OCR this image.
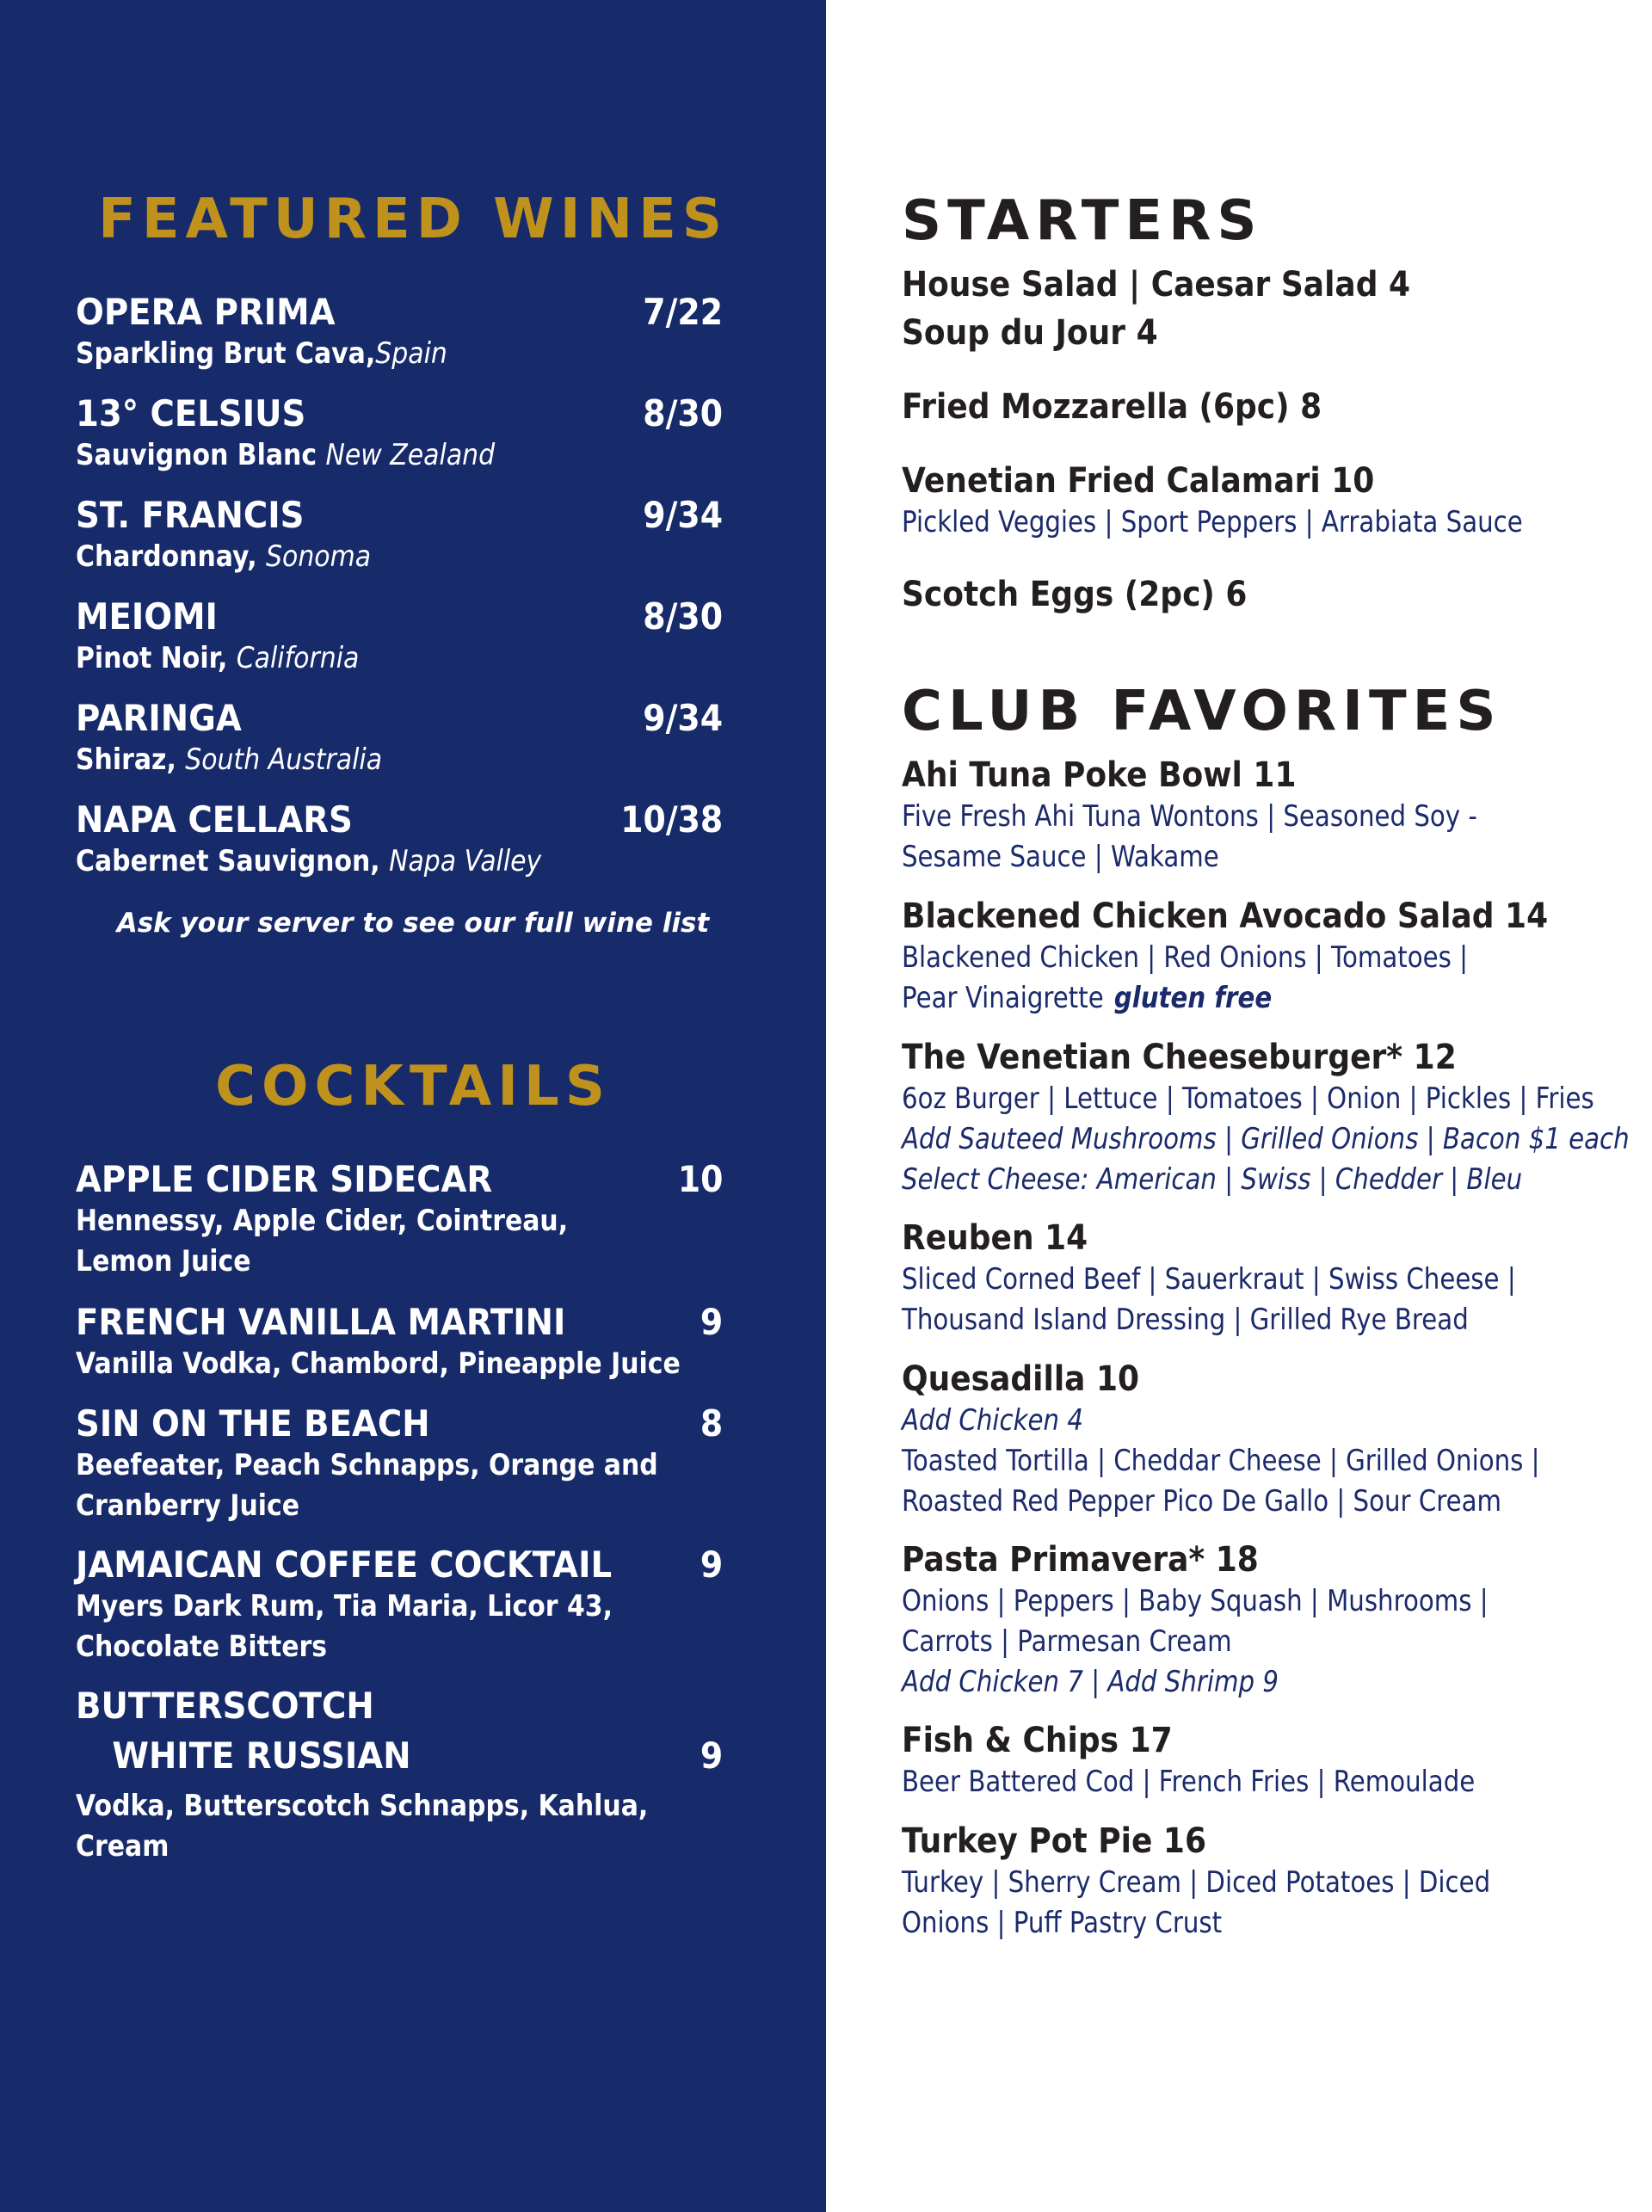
FEATURED WINES
OPERA PRIMA	7/22
Sparkling Brut Cava,Spain
13° CELSIUS	8/30
Sauvignon Blanc New Zealand
ST. FRANCIS	9/34
Chardonnay, Sonoma
MEIOMI	8/30
Pinot Noir, California
PARINGA	9/34
Shiraz, South Australia
NAPA CELLARS	10/38
Cabernet Sauvignon, Napa Valley
Ask your server to see our full wine list
COCKTAILS
APPLE CIDER SIDECAR	10
Hennessy, Apple Cider, Cointreau,
Lemon Juice
FRENCH VANILLA MARTINI	9
Vanilla Vodka, Chambord, Pineapple Juice
SIN ON THE BEACH	8
Beefeater, Peach Schnapps, Orange and
Cranberry Juice
JAMAICAN COFFEE COCKTAIL 9
Myers Dark Rum, Tia Maria, Licor 43,
Chocolate Bitters
BUTTERSCOTCH
WHITE RUSSIAN	9
Vodka, Butterscotch Schnapps, Kahlua,
Cream
STARTERS
House Salad | Caesar Salad 4
Soup du Jour 4
Fried Mozzarella (6pc) 8
Venetian Fried Calamari 10
Pickled Veggies | Sport Peppers | Arrabiata Sauce
Scotch Eggs (2pc) 6
CLUB FAVORITES
Ahi Tuna Poke Bowl 11
Five Fresh Ahi Tuna Wontons | Seasoned Soy -
Sesame Sauce | Wakame
Blackened Chicken Avocado Salad 14
Blackened Chicken | Red Onions | Tomatoes |
Pear Vinaigrette gluten free
The Venetian Cheeseburger* 12
6oz Burger | Lettuce | Tomatoes | Onion | Pickles | Fries
Add Sauteed Mushrooms | Grilled Onions | Bacon $1 each
Select Cheese: American | Swiss | Chedder | Bleu
Reuben 14
Sliced Corned Beef | Sauerkraut | Swiss Cheese |
Thousand Island Dressing | Grilled Rye Bread
Quesadilla 10
Add Chicken 4
Toasted Tortilla | Cheddar Cheese | Grilled Onions |
Roasted Red Pepper Pico De Gallo | Sour Cream
Pasta Primavera* 18
Onions | Peppers | Baby Squash | Mushrooms |
Carrots | Parmesan Cream
Add Chicken 7 | Add Shrimp 9
Fish & Chips 17
Beer Battered Cod | French Fries | Remoulade
Turkey Pot Pie 16
Turkey | Sherry Cream | Diced Potatoes | Diced
Onions | Puff Pastry Crust
